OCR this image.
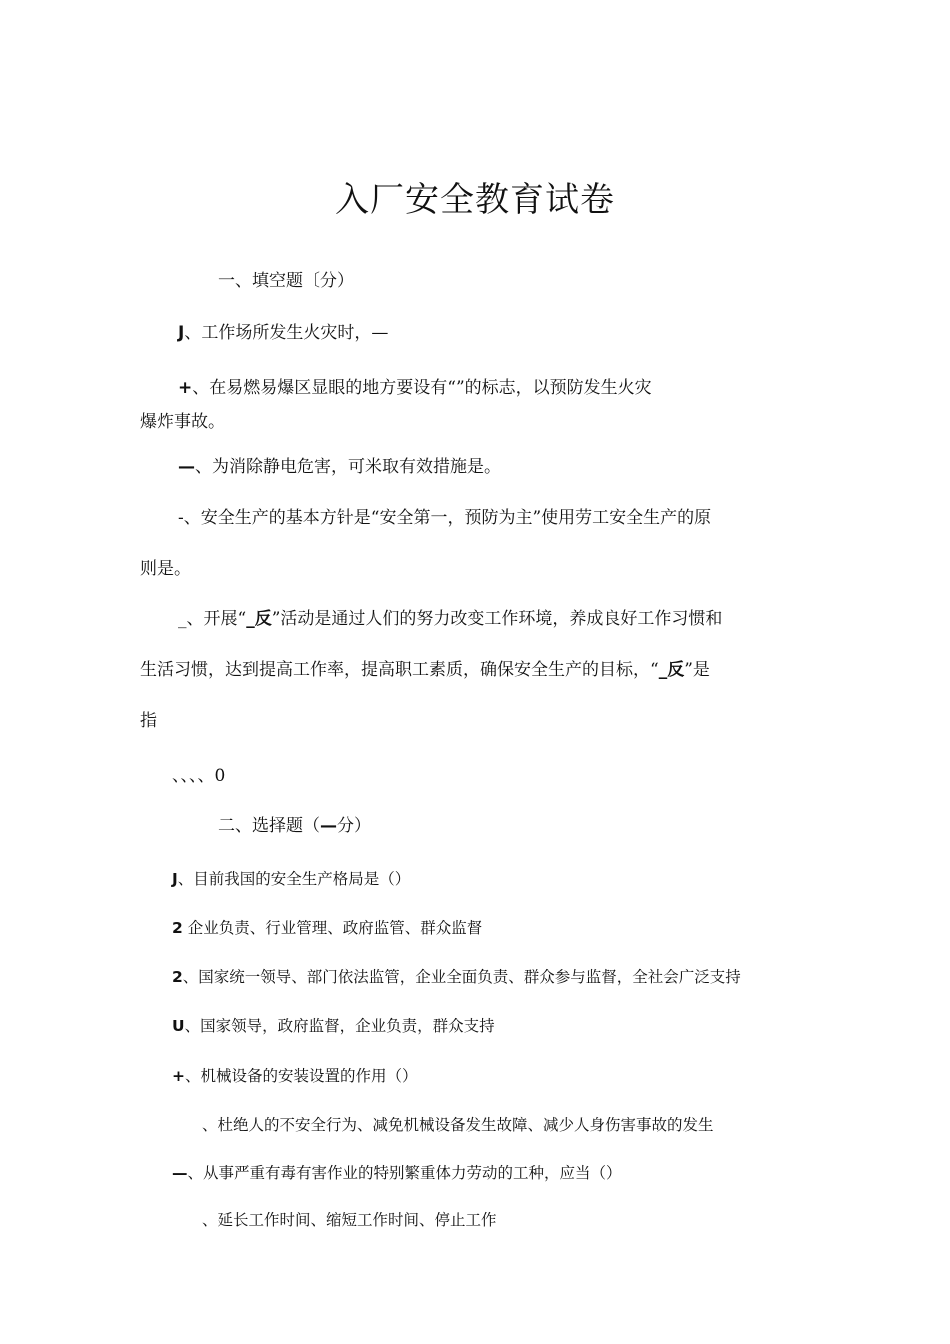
入厂安全教育试卷
一、填空题〔分）
J、工作场所发生火灾时，—
+、在易燃易爆区显眼的地方要设有“”的标志，以预防发生火灾
爆炸事故。
—、为消除静电危害，可米取有效措施是。
-、安全生产的基本方针是“安全第一，预防为主”使用劳工安全生产的原
则是。
_、开展“_反”活动是通过人们的努力改变工作环境，养成良好工作习惯和
生活习惯，达到提高工作率，提高职工素质，确保安全生产的目标，“_反”是
指
、、、、0
二、选择题（—分）
J、目前我国的安全生产格局是（）
2 企业负责、行业管理、政府监管、群众监督
2、国家统一领导、部门依法监管，企业全面负责、群众参与监督，全社会广泛支持
U、国家领导，政府监督，企业负责，群众支持
+、机械设备的安装设置的作用（）
、杜绝人的不安全行为、减免机械设备发生故障、减少人身伤害事故的发生
—、从事严重有毒有害作业的特别繁重体力劳动的工种，应当（）
、延长工作时间、缩短工作时间、停止工作
